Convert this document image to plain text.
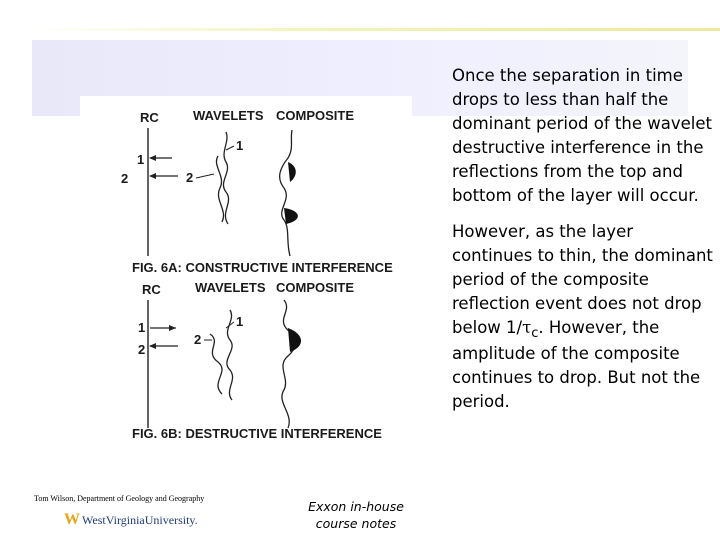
RC	WAVELETS COMPOSITE
1
2
1
2
FIG. 6A: CONSTRUCTIVE INTERFERENCE
RC	WAVELETS COMPOSITE
1
2
1
2
FIG. 6B: DESTRUCTIVE INTERFERENCE

Once the separation in time drops to less than half the dominant period of the wavelet destructive interference in the reflections from the top and bottom of the layer will occur.

However, as the layer continues to thin, the dominant period of the composite reflection event does not drop below $1/\tau_c$. However, the amplitude of the composite continues to drop. But not the period.

Tom Wilson, Department of Geology and Geography
W WestVirginiaUniversity.
Exxon in-house course notes
